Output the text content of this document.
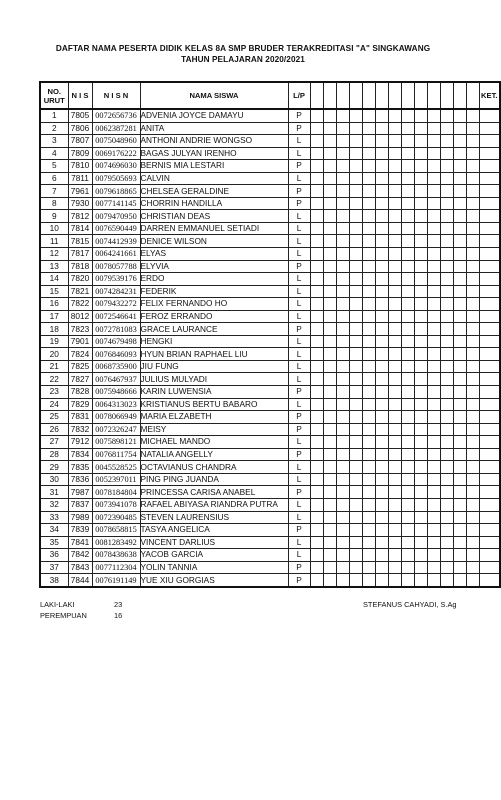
DAFTAR NAMA PESERTA DIDIK KELAS 8A SMP BRUDER TERAKREDITASI "A" SINGKAWANG
TAHUN PELAJARAN 2020/2021
NO.
URUT	N I S	N I S N	NAMA SISWA	L/P														KET.
1	7805	0072656736	ADVENIA JOYCE DAMAYU	P														
2	7806	0062387281	ANITA	P														
3	7807	0075048960	ANTHONI ANDRIE WONGSO	L														
4	7809	0069176222	BAGAS JULYAN IRENHO	L														
5	7810	0074696030	BERNIS MIA LESTARI	P														
6	7811	0079505693	CALVIN	L														
7	7961	0079618865	CHELSEA GERALDINE	P														
8	7930	0077141145	CHORRIN HANDILLA	P														
9	7812	0079470950	CHRISTIAN DEAS	L														
10	7814	0076590449	DARREN EMMANUEL SETIADI	L														
11	7815	0074412939	DENICE WILSON	L														
12	7817	0064241661	ELYAS	L														
13	7818	0078057788	ELYVIA	P														
14	7820	0079539176	ERDO	L														
15	7821	0074284231	FEDERIK	L														
16	7822	0079432272	FELIX FERNANDO HO	L														
17	8012	0072546641	FEROZ ERRANDO	L														
18	7823	0072781083	GRACE LAURANCE	P														
19	7901	0074679498	HENGKI	L														
20	7824	0076846093	HYUN BRIAN RAPHAEL LIU	L														
21	7825	0068735900	JIU FUNG	L														
22	7827	0076467937	JULIUS MULYADI	L														
23	7828	0075948666	KARIN LUWENSIA	P														
24	7829	0064313023	KRISTIANUS BERTU BABARO	L														
25	7831	0078066949	MARIA ELZABETH	P														
26	7832	0072326247	MEISY	P														
27	7912	0075898121	MICHAEL MANDO	L														
28	7834	0076811754	NATALIA ANGELLY	P														
29	7835	0045528525	OCTAVIANUS CHANDRA	L														
30	7836	0052397011	PING PING JUANDA	L														
31	7987	0078184804	PRINCESSA CARISA ANABEL	P														
32	7837	0073941078	RAFAEL ABIYASA RIANDRA PUTRA	L														
33	7989	0072390485	STEVEN LAURENSIUS	L														
34	7839	0078658815	TASYA ANGELICA	P														
35	7841	0081283492	VINCENT DARLIUS	L														
36	7842	0078438638	YACOB GARCIA	L														
37	7843	0077112304	YOLIN TANNIA	P														
38	7844	0076191149	YUE XIU GORGIAS	P														
LAKI-LAKI	23
PEREMPUAN	16
STEFANUS CAHYADI, S.Ag
